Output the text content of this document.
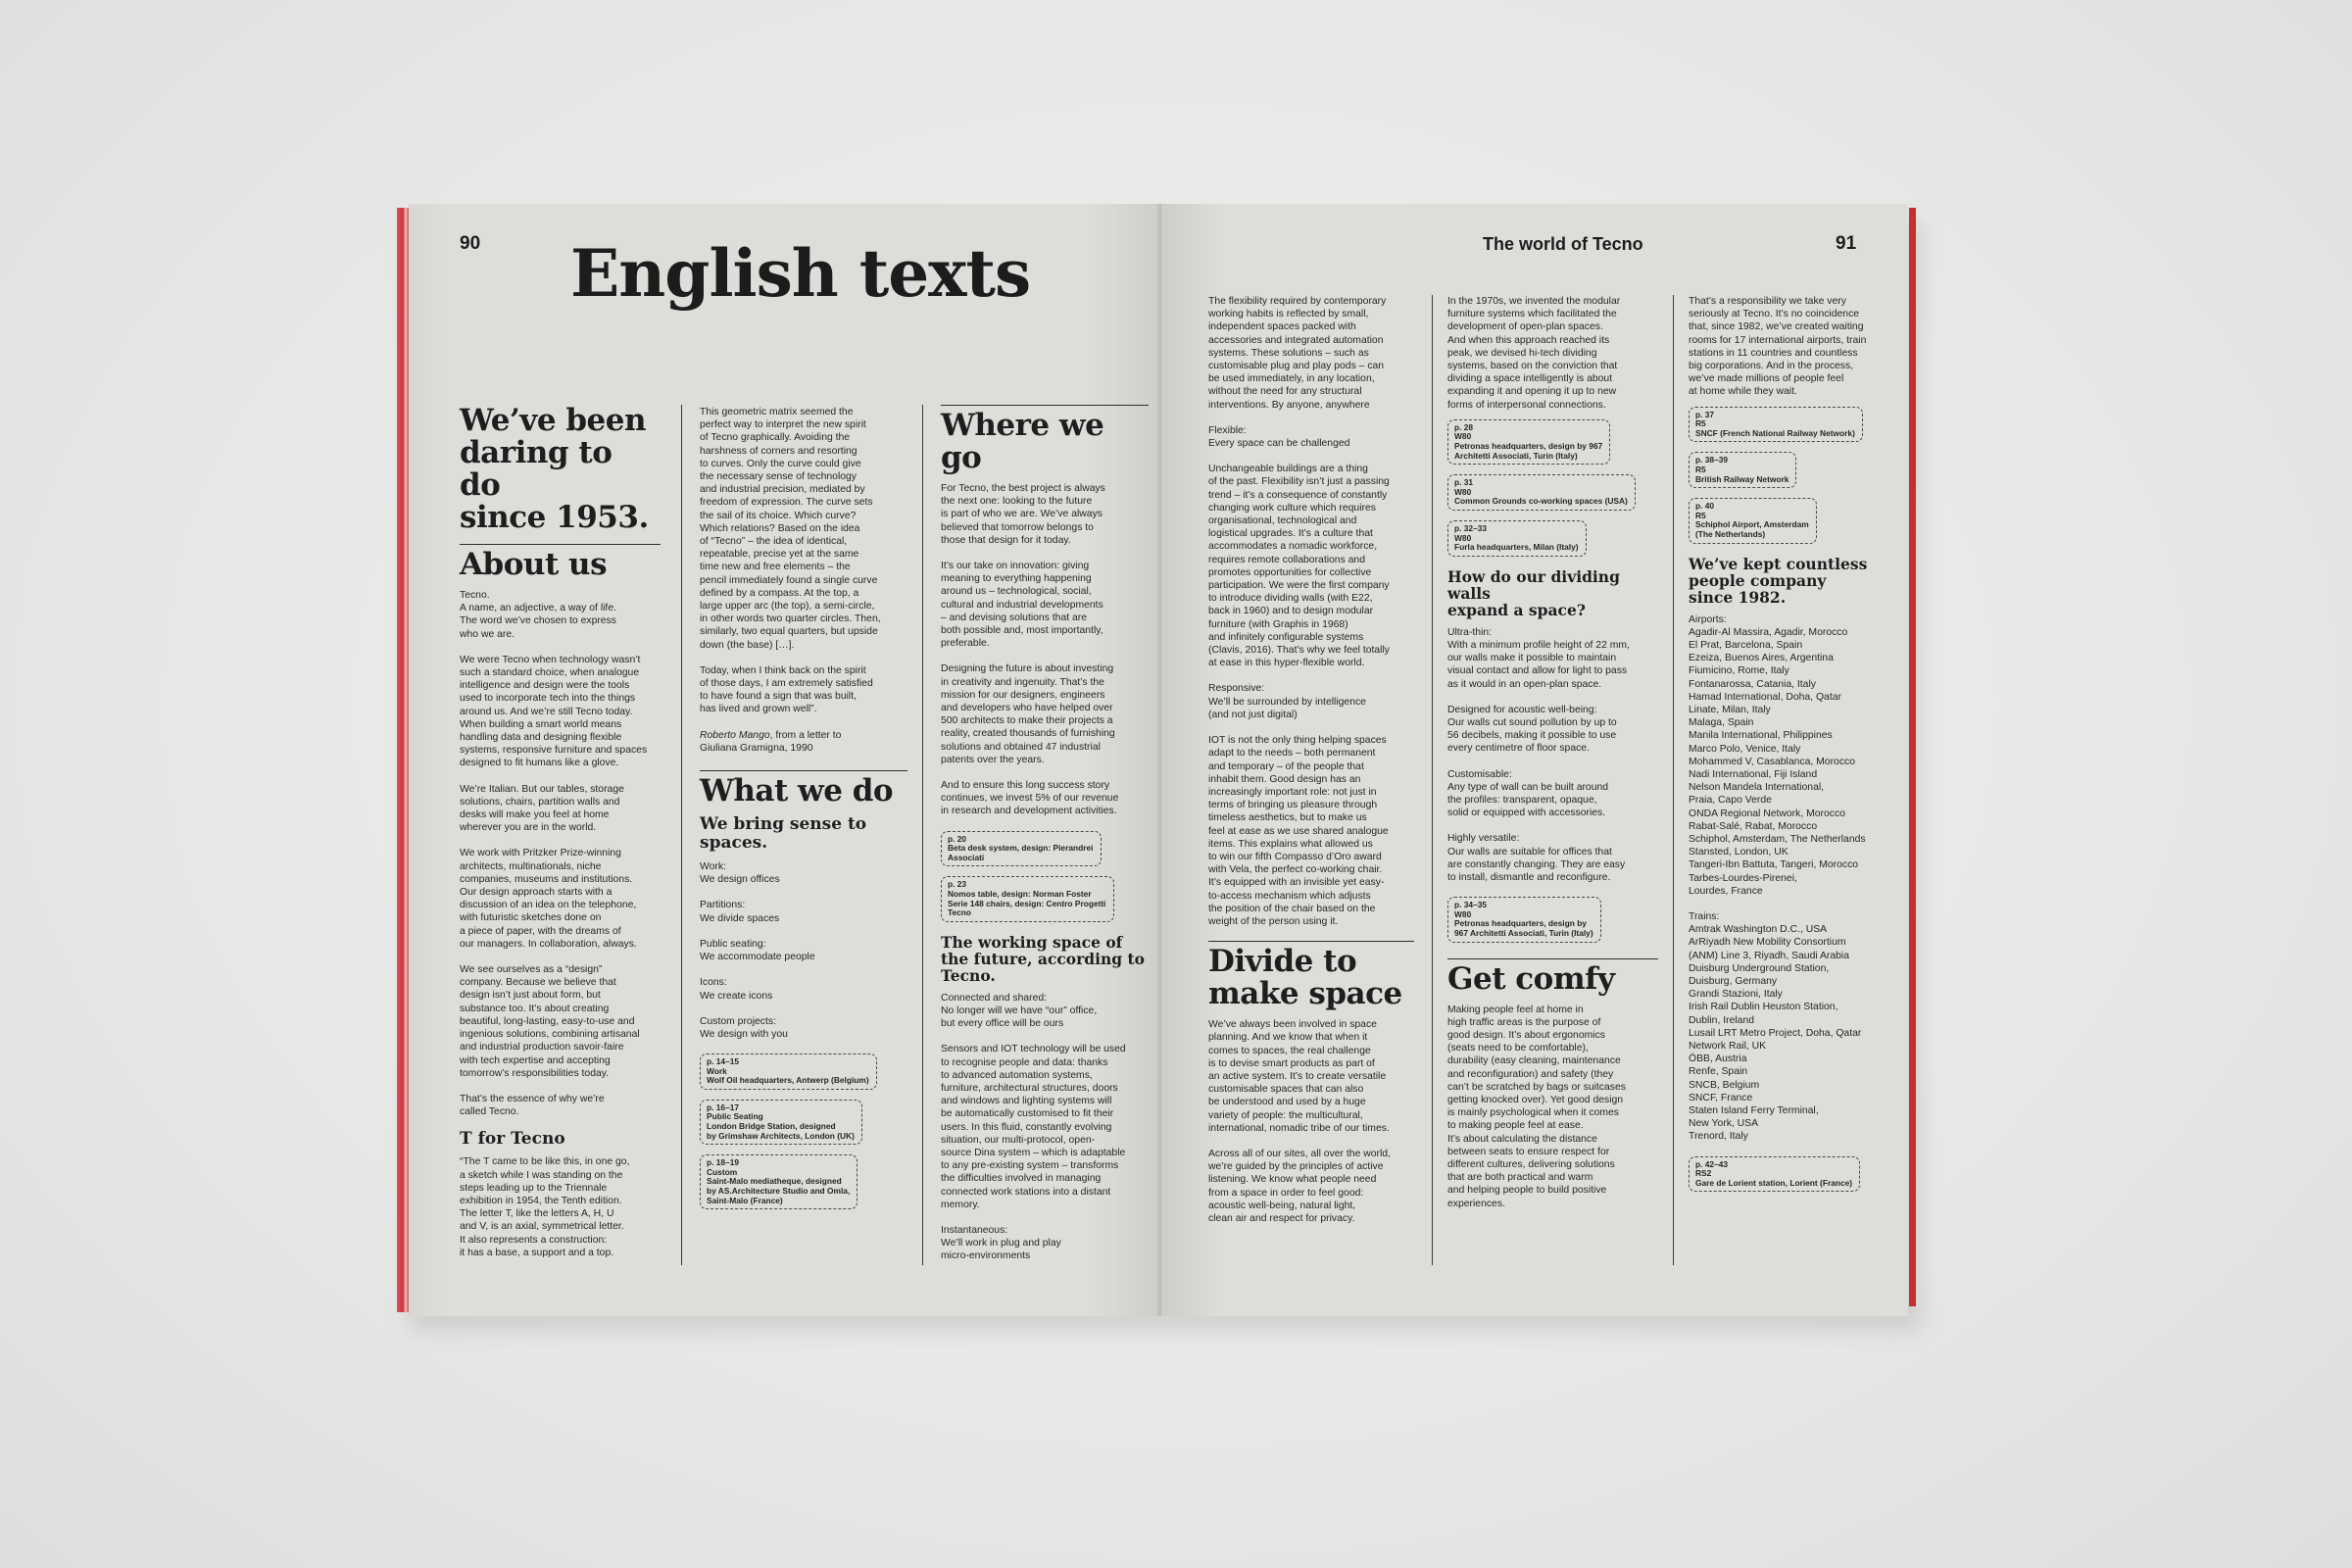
90 English texts
We’ve been
daring to do
since 1953.
About us
Tecno.
A name, an adjective, a way of life.
The word we’ve chosen to express
who we are.
We were Tecno when technology wasn’t
such a standard choice, when analogue
intelligence and design were the tools
used to incorporate tech into the things
around us. And we’re still Tecno today.
When building a smart world means
handling data and designing flexible
systems, responsive furniture and spaces
designed to fit humans like a glove.
We’re Italian. But our tables, storage
solutions, chairs, partition walls and
desks will make you feel at home
wherever you are in the world.
We work with Pritzker Prize-winning
architects, multinationals, niche
companies, museums and institutions.
Our design approach starts with a
discussion of an idea on the telephone,
with futuristic sketches done on
a piece of paper, with the dreams of
our managers. In collaboration, always.
We see ourselves as a “design”
company. Because we believe that
design isn’t just about form, but
substance too. It’s about creating
beautiful, long-lasting, easy-to-use and
ingenious solutions, combining artisanal
and industrial production savoir-faire
with tech expertise and accepting
tomorrow’s responsibilities today.
That’s the essence of why we’re
called Tecno.
T for Tecno
“The T came to be like this, in one go,
a sketch while I was standing on the
steps leading up to the Triennale
exhibition in 1954, the Tenth edition.
The letter T, like the letters A, H, U
and V, is an axial, symmetrical letter.
It also represents a construction:
it has a base, a support and a top.
This geometric matrix seemed the
perfect way to interpret the new spirit
of Tecno graphically. Avoiding the
harshness of corners and resorting
to curves. Only the curve could give
the necessary sense of technology
and industrial precision, mediated by
freedom of expression. The curve sets
the sail of its choice. Which curve?
Which relations? Based on the idea
of “Tecno” – the idea of identical,
repeatable, precise yet at the same
time new and free elements – the
pencil immediately found a single curve
defined by a compass. At the top, a
large upper arc (the top), a semi-circle,
in other words two quarter circles. Then,
similarly, two equal quarters, but upside
down (the base) […].
Today, when I think back on the spirit
of those days, I am extremely satisfied
to have found a sign that was built,
has lived and grown well”.
Roberto Mango, from a letter to
Giuliana Gramigna, 1990
What we do
We bring sense to spaces.
Work:
We design offices
Partitions:
We divide spaces
Public seating:
We accommodate people
Icons:
We create icons
Custom projects:
We design with you
p. 14–15
Work
Wolf Oil headquarters, Antwerp (Belgium)
p. 16–17
Public Seating
London Bridge Station, designed
by Grimshaw Architects, London (UK)
p. 18–19
Custom
Saint-Malo mediatheque, designed
by AS.Architecture Studio and Omla,
Saint-Malo (France)
Where we go
For Tecno, the best project is always
the next one: looking to the future
is part of who we are. We’ve always
believed that tomorrow belongs to
those that design for it today.
It’s our take on innovation: giving
meaning to everything happening
around us – technological, social,
cultural and industrial developments
– and devising solutions that are
both possible and, most importantly,
preferable.
Designing the future is about investing
in creativity and ingenuity. That’s the
mission for our designers, engineers
and developers who have helped over
500 architects to make their projects a
reality, created thousands of furnishing
solutions and obtained 47 industrial
patents over the years.
And to ensure this long success story
continues, we invest 5% of our revenue
in research and development activities.
p. 20
Beta desk system, design: Pierandrei
Associati
p. 23
Nomos table, design: Norman Foster
Serie 148 chairs, design: Centro Progetti
Tecno
The working space of
the future, according to
Tecno.
Connected and shared:
No longer will we have “our” office,
but every office will be ours
Sensors and IOT technology will be used
to recognise people and data: thanks
to advanced automation systems,
furniture, architectural structures, doors
and windows and lighting systems will
be automatically customised to fit their
users. In this fluid, constantly evolving
situation, our multi-protocol, open-
source Dina system – which is adaptable
to any pre-existing system – transforms
the difficulties involved in managing
connected work stations into a distant
memory.
Instantaneous:
We’ll work in plug and play
micro-environments
The world of Tecno	91
The flexibility required by contemporary
working habits is reflected by small,
independent spaces packed with
accessories and integrated automation
systems. These solutions – such as
customisable plug and play pods – can
be used immediately, in any location,
without the need for any structural
interventions. By anyone, anywhere
Flexible:
Every space can be challenged
Unchangeable buildings are a thing
of the past. Flexibility isn’t just a passing
trend – it’s a consequence of constantly
changing work culture which requires
organisational, technological and
logistical upgrades. It’s a culture that
accommodates a nomadic workforce,
requires remote collaborations and
promotes opportunities for collective
participation. We were the first company
to introduce dividing walls (with E22,
back in 1960) and to design modular
furniture (with Graphis in 1968)
and infinitely configurable systems
(Clavis, 2016). That’s why we feel totally
at ease in this hyper-flexible world.
Responsive:
We’ll be surrounded by intelligence
(and not just digital)
IOT is not the only thing helping spaces
adapt to the needs – both permanent
and temporary – of the people that
inhabit them. Good design has an
increasingly important role: not just in
terms of bringing us pleasure through
timeless aesthetics, but to make us
feel at ease as we use shared analogue
items. This explains what allowed us
to win our fifth Compasso d’Oro award
with Vela, the perfect co-working chair.
It’s equipped with an invisible yet easy-
to-access mechanism which adjusts
the position of the chair based on the
weight of the person using it.
Divide to
make space
We’ve always been involved in space
planning. And we know that when it
comes to spaces, the real challenge
is to devise smart products as part of
an active system. It’s to create versatile
customisable spaces that can also
be understood and used by a huge
variety of people: the multicultural,
international, nomadic tribe of our times.
Across all of our sites, all over the world,
we’re guided by the principles of active
listening. We know what people need
from a space in order to feel good:
acoustic well-being, natural light,
clean air and respect for privacy.
In the 1970s, we invented the modular
furniture systems which facilitated the
development of open-plan spaces.
And when this approach reached its
peak, we devised hi-tech dividing
systems, based on the conviction that
dividing a space intelligently is about
expanding it and opening it up to new
forms of interpersonal connections.
p. 28
W80
Petronas headquarters, design by 967
Architetti Associati, Turin (Italy)
p. 31
W80
Common Grounds co-working spaces (USA)
p. 32–33
W80
Furla headquarters, Milan (Italy)
How do our dividing walls
expand a space?
Ultra-thin:
With a minimum profile height of 22 mm,
our walls make it possible to maintain
visual contact and allow for light to pass
as it would in an open-plan space.
Designed for acoustic well-being:
Our walls cut sound pollution by up to
56 decibels, making it possible to use
every centimetre of floor space.
Customisable:
Any type of wall can be built around
the profiles: transparent, opaque,
solid or equipped with accessories.
Highly versatile:
Our walls are suitable for offices that
are constantly changing. They are easy
to install, dismantle and reconfigure.
p. 34–35
W80
Petronas headquarters, design by
967 Architetti Associati, Turin (Italy)
Get comfy
Making people feel at home in
high traffic areas is the purpose of
good design. It’s about ergonomics
(seats need to be comfortable),
durability (easy cleaning, maintenance
and reconfiguration) and safety (they
can’t be scratched by bags or suitcases
getting knocked over). Yet good design
is mainly psychological when it comes
to making people feel at ease.
It’s about calculating the distance
between seats to ensure respect for
different cultures, delivering solutions
that are both practical and warm
and helping people to build positive
experiences.
That’s a responsibility we take very
seriously at Tecno. It’s no coincidence
that, since 1982, we’ve created waiting
rooms for 17 international airports, train
stations in 11 countries and countless
big corporations. And in the process,
we’ve made millions of people feel
at home while they wait.
p. 37
R5
SNCF (French National Railway Network)
p. 38–39
R5
British Railway Network
p. 40
R5
Schiphol Airport, Amsterdam
(The Netherlands)
We’ve kept countless
people company
since 1982.
Airports:
Agadir-Al Massira, Agadir, Morocco
El Prat, Barcelona, Spain
Ezeiza, Buenos Aires, Argentina
Fiumicino, Rome, Italy
Fontanarossa, Catania, Italy
Hamad International, Doha, Qatar
Linate, Milan, Italy
Malaga, Spain
Manila International, Philippines
Marco Polo, Venice, Italy
Mohammed V, Casablanca, Morocco
Nadi International, Fiji Island
Nelson Mandela International,
Praia, Capo Verde
ONDA Regional Network, Morocco
Rabat-Salé, Rabat, Morocco
Schiphol, Amsterdam, The Netherlands
Stansted, London, UK
Tangeri-Ibn Battuta, Tangeri, Morocco
Tarbes-Lourdes-Pirenei,
Lourdes, France
Trains:
Amtrak Washington D.C., USA
ArRiyadh New Mobility Consortium
(ANM) Line 3, Riyadh, Saudi Arabia
Duisburg Underground Station,
Duisburg, Germany
Grandi Stazioni, Italy
Irish Rail Dublin Heuston Station,
Dublin, Ireland
Lusail LRT Metro Project, Doha, Qatar
Network Rail, UK
ÖBB, Austria
Renfe, Spain
SNCB, Belgium
SNCF, France
Staten Island Ferry Terminal,
New York, USA
Trenord, Italy
p. 42–43
RS2
Gare de Lorient station, Lorient (France)
